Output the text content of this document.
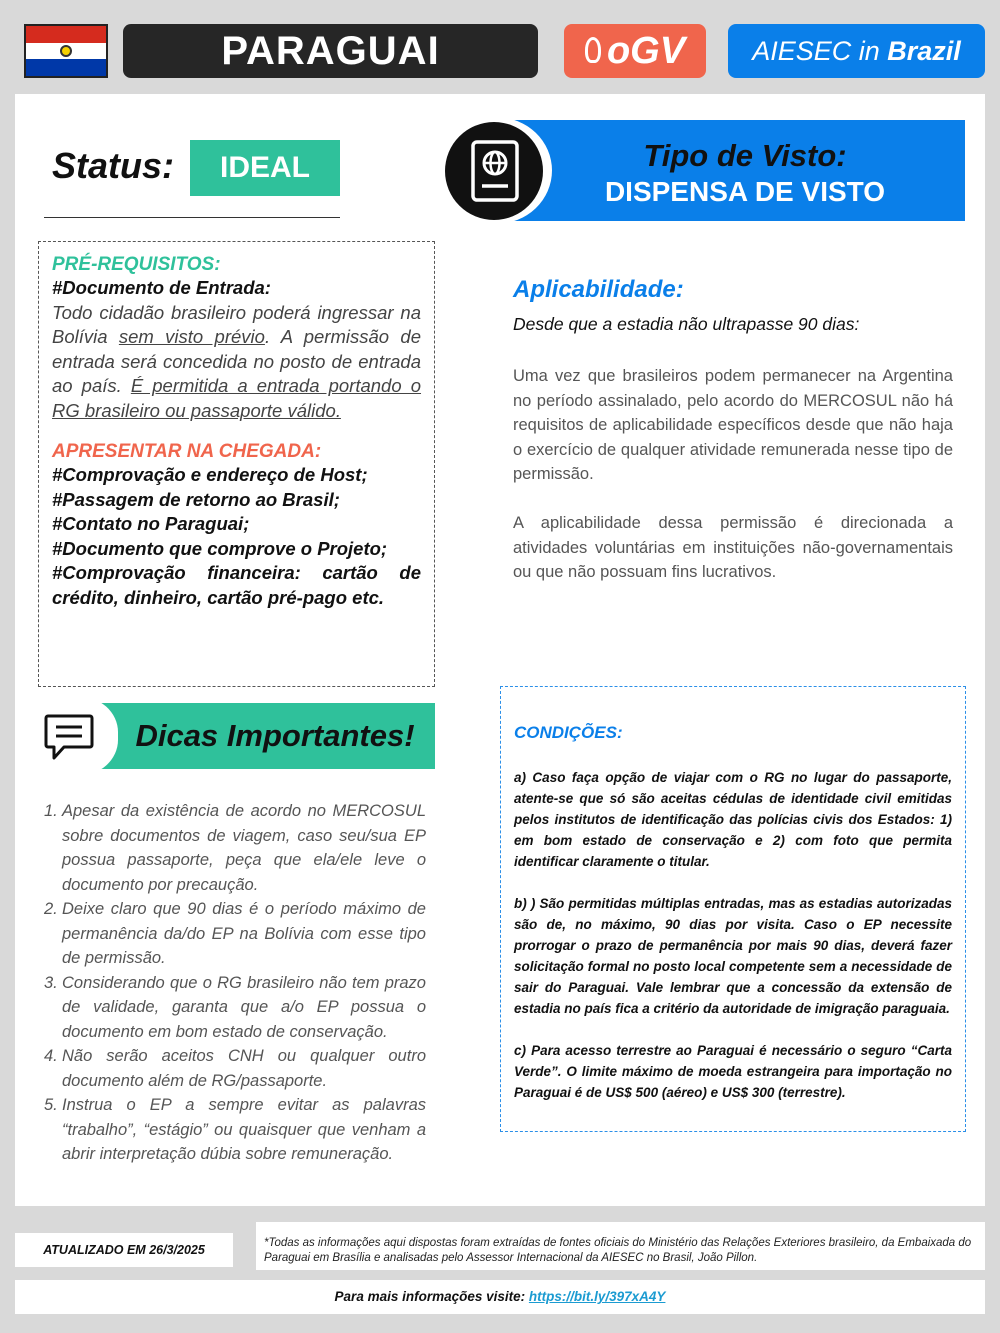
PARAGUAI	oGV	AIESEC in Brazil
Status:	IDEAL	Tipo de Visto:
DISPENSA DE VISTO
PRÉ-REQUISITOS:
#Documento de Entrada:
Todo cidadão brasileiro poderá ingressar na Bolívia sem visto prévio. A permissão de entrada será concedida no posto de entrada ao país. É permitida a entrada portando o RG brasileiro ou passaporte válido.
APRESENTAR NA CHEGADA:
#Comprovação e endereço de Host;
#Passagem de retorno ao Brasil;
#Contato no Paraguai;
#Documento que comprove o Projeto;
#Comprovação financeira: cartão de crédito, dinheiro, cartão pré-pago etc.
Aplicabilidade:
Desde que a estadia não ultrapasse 90 dias:

Uma vez que brasileiros podem permanecer na Argentina no período assinalado, pelo acordo do MERCOSUL não há requisitos de aplicabilidade específicos desde que não haja o exercício de qualquer atividade remunerada nesse tipo de permissão.

A aplicabilidade dessa permissão é direcionada a atividades voluntárias em instituições não-governamentais ou que não possuam fins lucrativos.

Dicas Importantes!
1. Apesar da existência de acordo no MERCOSUL sobre documentos de viagem, caso seu/sua EP possua passaporte, peça que ela/ele leve o documento por precaução.
2. Deixe claro que 90 dias é o período máximo de permanência da/do EP na Bolívia com esse tipo de permissão.
3. Considerando que o RG brasileiro não tem prazo de validade, garanta que a/o EP possua o documento em bom estado de conservação.
4. Não serão aceitos CNH ou qualquer outro documento além de RG/passaporte.
5. Instrua o EP a sempre evitar as palavras “trabalho”, “estágio” ou quaisquer que venham a abrir interpretação dúbia sobre remuneração.
CONDIÇÕES:
a) Caso faça opção de viajar com o RG no lugar do passaporte, atente-se que só são aceitas cédulas de identidade civil emitidas pelos institutos de identificação das polícias civis dos Estados: 1) em bom estado de conservação e 2) com foto que permita identificar claramente o titular.
b) ) São permitidas múltiplas entradas, mas as estadias autorizadas são de, no máximo, 90 dias por visita. Caso o EP necessite prorrogar o prazo de permanência por mais 90 dias, deverá fazer solicitação formal no posto local competente sem a necessidade de sair do Paraguai. Vale lembrar que a concessão da extensão de estadia no país fica a critério da autoridade de imigração paraguaia.
c) Para acesso terrestre ao Paraguai é necessário o seguro “Carta Verde”. O limite máximo de moeda estrangeira para importação no Paraguai é de US$ 500 (aéreo) e US$ 300 (terrestre).
ATUALIZADO EM 26/3/2025	*Todas as informações aqui dispostas foram extraídas de fontes oficiais do Ministério das Relações Exteriores brasileiro, da Embaixada do Paraguai em Brasília e analisadas pelo Assessor Internacional da AIESEC no Brasil, João Pillon.
Para mais informações visite: https://bit.ly/397xA4Y
